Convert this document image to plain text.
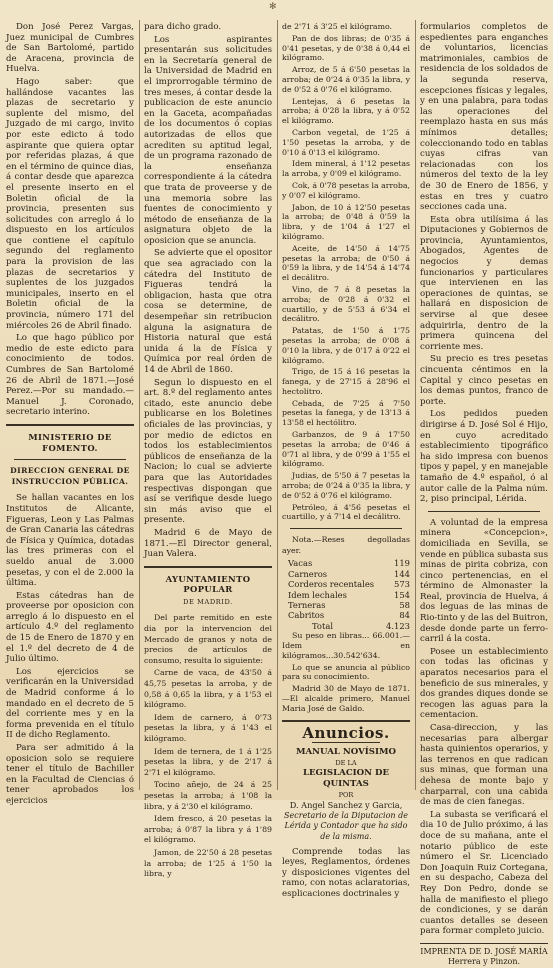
✻

Don José Perez Vargas, Juez municipal de Cumbres de San Bartolomé, partido de Aracena, provincia de Huelva.

Hago saber: que hallándose vacantes las plazas de secretario y suplente del mismo, del Juzgado de mi cargo, invito por este edicto á todo aspirante que quiera optar por referidas plazas, á que en el término de quince dias, á contar desde que aparezca el presente inserto en el Boletin oficial de la provincia, presenten sus solicitudes con arreglo á lo dispuesto en los artículos que contiene el capítulo segundo del reglamento para la provision de las plazas de secretarios y suplentes de los juzgados municipales, inserto en el Boletin oficial de la provincia, número 171 del miércoles 26 de Abril finado.

Lo que hago público por medio de este edicto para conocimiento de todos. Cumbres de San Bartolomé 26 de Abril de 1871.—José Perez.—Por su mandado.—Manuel J. Coronado, secretario interino.

MINISTERIO DE FOMENTO.

DIRECCION GENERAL DE INSTRUCCION PÚBLICA.

Se hallan vacantes en los Institutos de Alicante, Figueras, Leon y Las Palmas de Gran Canaria las cátedras de Física y Química, dotadas las tres primeras con el sueldo anual de 3.000 pesetas, y con el de 2.000 la última.

Estas cátedras han de proveerse por oposicion con arreglo á lo dispuesto en el artículo 4.º del reglamento de 15 de Enero de 1870 y en el 1.º del decreto de 4 de Julio último.

Los ejercicios se verificarán en la Universidad de Madrid conforme á lo mandado en el decreto de 5 del corriente mes y en la forma prevenida en el título II de dicho Reglamento.

Para ser admitido á la oposicion solo se requiere tener el título de Bachiller en la Facultad de Ciencias ó tener aprobados los ejercicios

para dicho grado.

Los aspirantes presentarán sus solicitudes en la Secretaría general de la Universidad de Madrid en el improrrogable término de tres meses, á contar desde la publicacion de este anuncio en la Gaceta, acompañadas de los documentos ó copias autorizadas de ellos que acrediten su aptitud legal, de un programa razonado de la enseñanza correspondiente á la cátedra que trata de proveerse y de una memoria sobre las fuentes de conocimiento y método de enseñanza de la asignatura objeto de la oposicion que se anuncia.

Se advierte que el opositor que sea agraciado con la cátedra del Instituto de Figueras tendrá la obligacion, hasta que otra cosa se determine, de desempeñar sin retribucion alguna la asignatura de Historia natural que está unida á la de Física y Química por real órden de 14 de Abril de 1860.

Segun lo dispuesto en el art. 8.º del reglamento antes citado, este anuncio debe publicarse en los Boletines oficiales de las provincias, y por medio de edictos en todos los establecimientos públicos de enseñanza de la Nacion; lo cual se advierte para que las Autoridades respectivas dispongan que así se verifique desde luego sin más aviso que el presente.

Madrid 6 de Mayo de 1871.—El Director general, Juan Valera.

AYUNTAMIENTO POPULAR

DE MADRID.

Del parte remitido en este dia por la intervencion del Mercado de granos y nota de precios de artículos de consumo, resulta lo siguiente:

Carne de vaca, de 43'50 á 45,75 pesetas la arroba, y de 0,58 á 0,65 la libra, y á 1'53 el kilógramo.

Idem de carnero, á 0'73 pesetas la libra, y á 1'43 el kilógramo.

Idem de ternera, de 1 á 1'25 pesetas la libra, y de 2'17 á 2'71 el kilógramo.

Tocino añejo, de 24 á 25 pesetas la arroba; á 1'08 la libra, y á 2'30 el kilógramo.

Idem fresco, á 20 pesetas la arroba; á 0'87 la libra y á 1'89 el kilógramo.

Jamon, de 22'50 á 28 pesetas la arroba; de 1'25 á 1'50 la libra, y

de 2'71 á 3'25 el kilógramo.

Pan de dos libras; de 0'35 á 0'41 pesetas, y de 0'38 á 0,44 el kilógramo.

Arroz, de 5 á 6'50 pesetas la arroba; de 0'24 á 0'35 la libra, y de 0'52 á 0'76 el kilógramo.

Lentejas, á 6 pesetas la arroba; á 0'28 la libra, y á 0'52 el kilógramo.

Carbon vegetal, de 1'25 á 1'50 pesetas la arroba, y de 0'10 á 0'13 el kilógramo.

Idem mineral, á 1'12 pesetas la arroba, y 0'09 el kilógramo.

Cok, á 0'78 pesetas la arroba, y 0'07 el kilógramo.

Jabon, de 10 á 12'50 pesetas la arroba; de 0'48 á 0'59 la libra, y de 1'04 á 1'27 el kilógramo.

Aceite, de 14'50 á 14'75 pesetas la arroba; de 0'50 á 0'59 la libra, y de 14'54 á 14'74 el decálitro.

Vino, de 7 á 8 pesetas la arroba; de 0'28 á 0'32 el cuartillo, y de 5'53 á 6'34 el decálitro.

Patatas, de 1'50 á 1'75 pesetas la arroba; de 0'08 á 0'10 la libra, y de 0'17 á 0'22 el kilógramo.

Trigo, de 15 á 16 pesetas la fanega, y de 27'15 á 28'96 el hectolitro.

Cebada, de 7'25 á 7'50 pesetas la fanega, y de 13'13 á 13'58 el hectólitro.

Garbanzos, de 9 á 17'50 pesetas la arroba; de 0'46 á 0'71 al libra, y de 0'99 á 1'55 el kilógramo.

Judias, de 5'50 á 7 pesetas la arroba; de 0'24 á 0'35 la libra, y de 0'52 á 0'76 el kilógramo.

Petróleo, á 4'56 pesetas el cuartillo, y á 7'14 el decálitro.

Nota.—Reses degolladas ayer.

Vacas	119
Carneros	144
Corderos recentales	573
Idem lechales	154
Terneras	58
Cabritos	84
Total	4.123

Su peso en libras... 66.001.— Idem en kilógramos...30.542'634.

Lo que se anuncia al público para su conocimiento.

Madrid 30 de Mayo de 1871.—El alcalde primero, Manuel Maria José de Galdo.

Anuncios.

MANUAL NOVÍSIMO

DE LA

LEGISLACION DE QUINTAS

POR

D. Angel Sanchez y Garcia,

Secretario de la Diputacion de Lérida y Contador que ha sido de la misma.

Comprende todas las leyes, Reglamentos, órdenes y disposiciones vigentes del ramo, con notas aclaratorias, esplicaciones doctrinales y

formularios completos de espedientes para enganches de voluntarios, licencias matrimoniales, cambios de residencia de los soldados de la segunda reserva, escepciones físicas y legales, y en una palabra, para todas las operaciones del reemplazo hasta en sus más mínimos detalles; coleccionando todo en tablas cuyas cifras van relacionadas con los números del texto de la ley de 30 de Enero de 1856, y estas en tres y cuatro secciones cada una.

Esta obra utilísima á las Diputaciones y Gobiernos de provincia, Ayuntamientos, Abogados, Agentes de negocios y demas funcionarios y particulares que intervienen en las operaciones de quintas, se hallará en disposicion de servirse al que desee adquirirla, dentro de la primera quincena del corriente mes.

Su precio es tres pesetas cincuenta céntimos en la Capital y cinco pesetas en los demas puntos, franco de porte.

Los pedidos pueden dirigirse á D. José Sol é Hijo, en cuyo acreditado establecimiento tipográfico ha sido impresa con buenos tipos y papel, y en manejable tamaño de 4.º español, ó al autor calle de la Palma núm. 2, piso principal, Lérida.

A voluntad de la empresa minera «Concepcion», domiciliada en Sevilla, se vende en pública subasta sus minas de pirita cobriza, con cinco pertenencias, en el término de Almonaster la Real, provincia de Huelva, á dos leguas de las minas de Rio-tinto y de las del Buitron, desde donde parte un ferro-carril á la costa.

Posee un establecimiento con todas las oficinas y aparatos necesarios para el beneficio de sus minerales, y dos grandes diques donde se recogen las aguas para la cementacion.

Casa-direccion, y las necesarias para albergar hasta quinientos operarios, y las terrenos en que radican sus minas, que forman una dehesa de monte bajo y charparral, con una cabida de mas de cien fanegas.

La subasta se verificará el dia 10 de Julio próximo, á las doce de su mañana, ante el notario público de este número el Sr. Licenciado Don Joaquin Ruiz Cortegana, en su despacho, Cabeza del Rey Don Pedro, donde se halla de manifiesto el pliego de condiciones, y se darán cuantos detalles se deseen para formar completo juicio.

IMPRENTA DE D. JOSÉ MARÍA Herrera y Pinzon.
